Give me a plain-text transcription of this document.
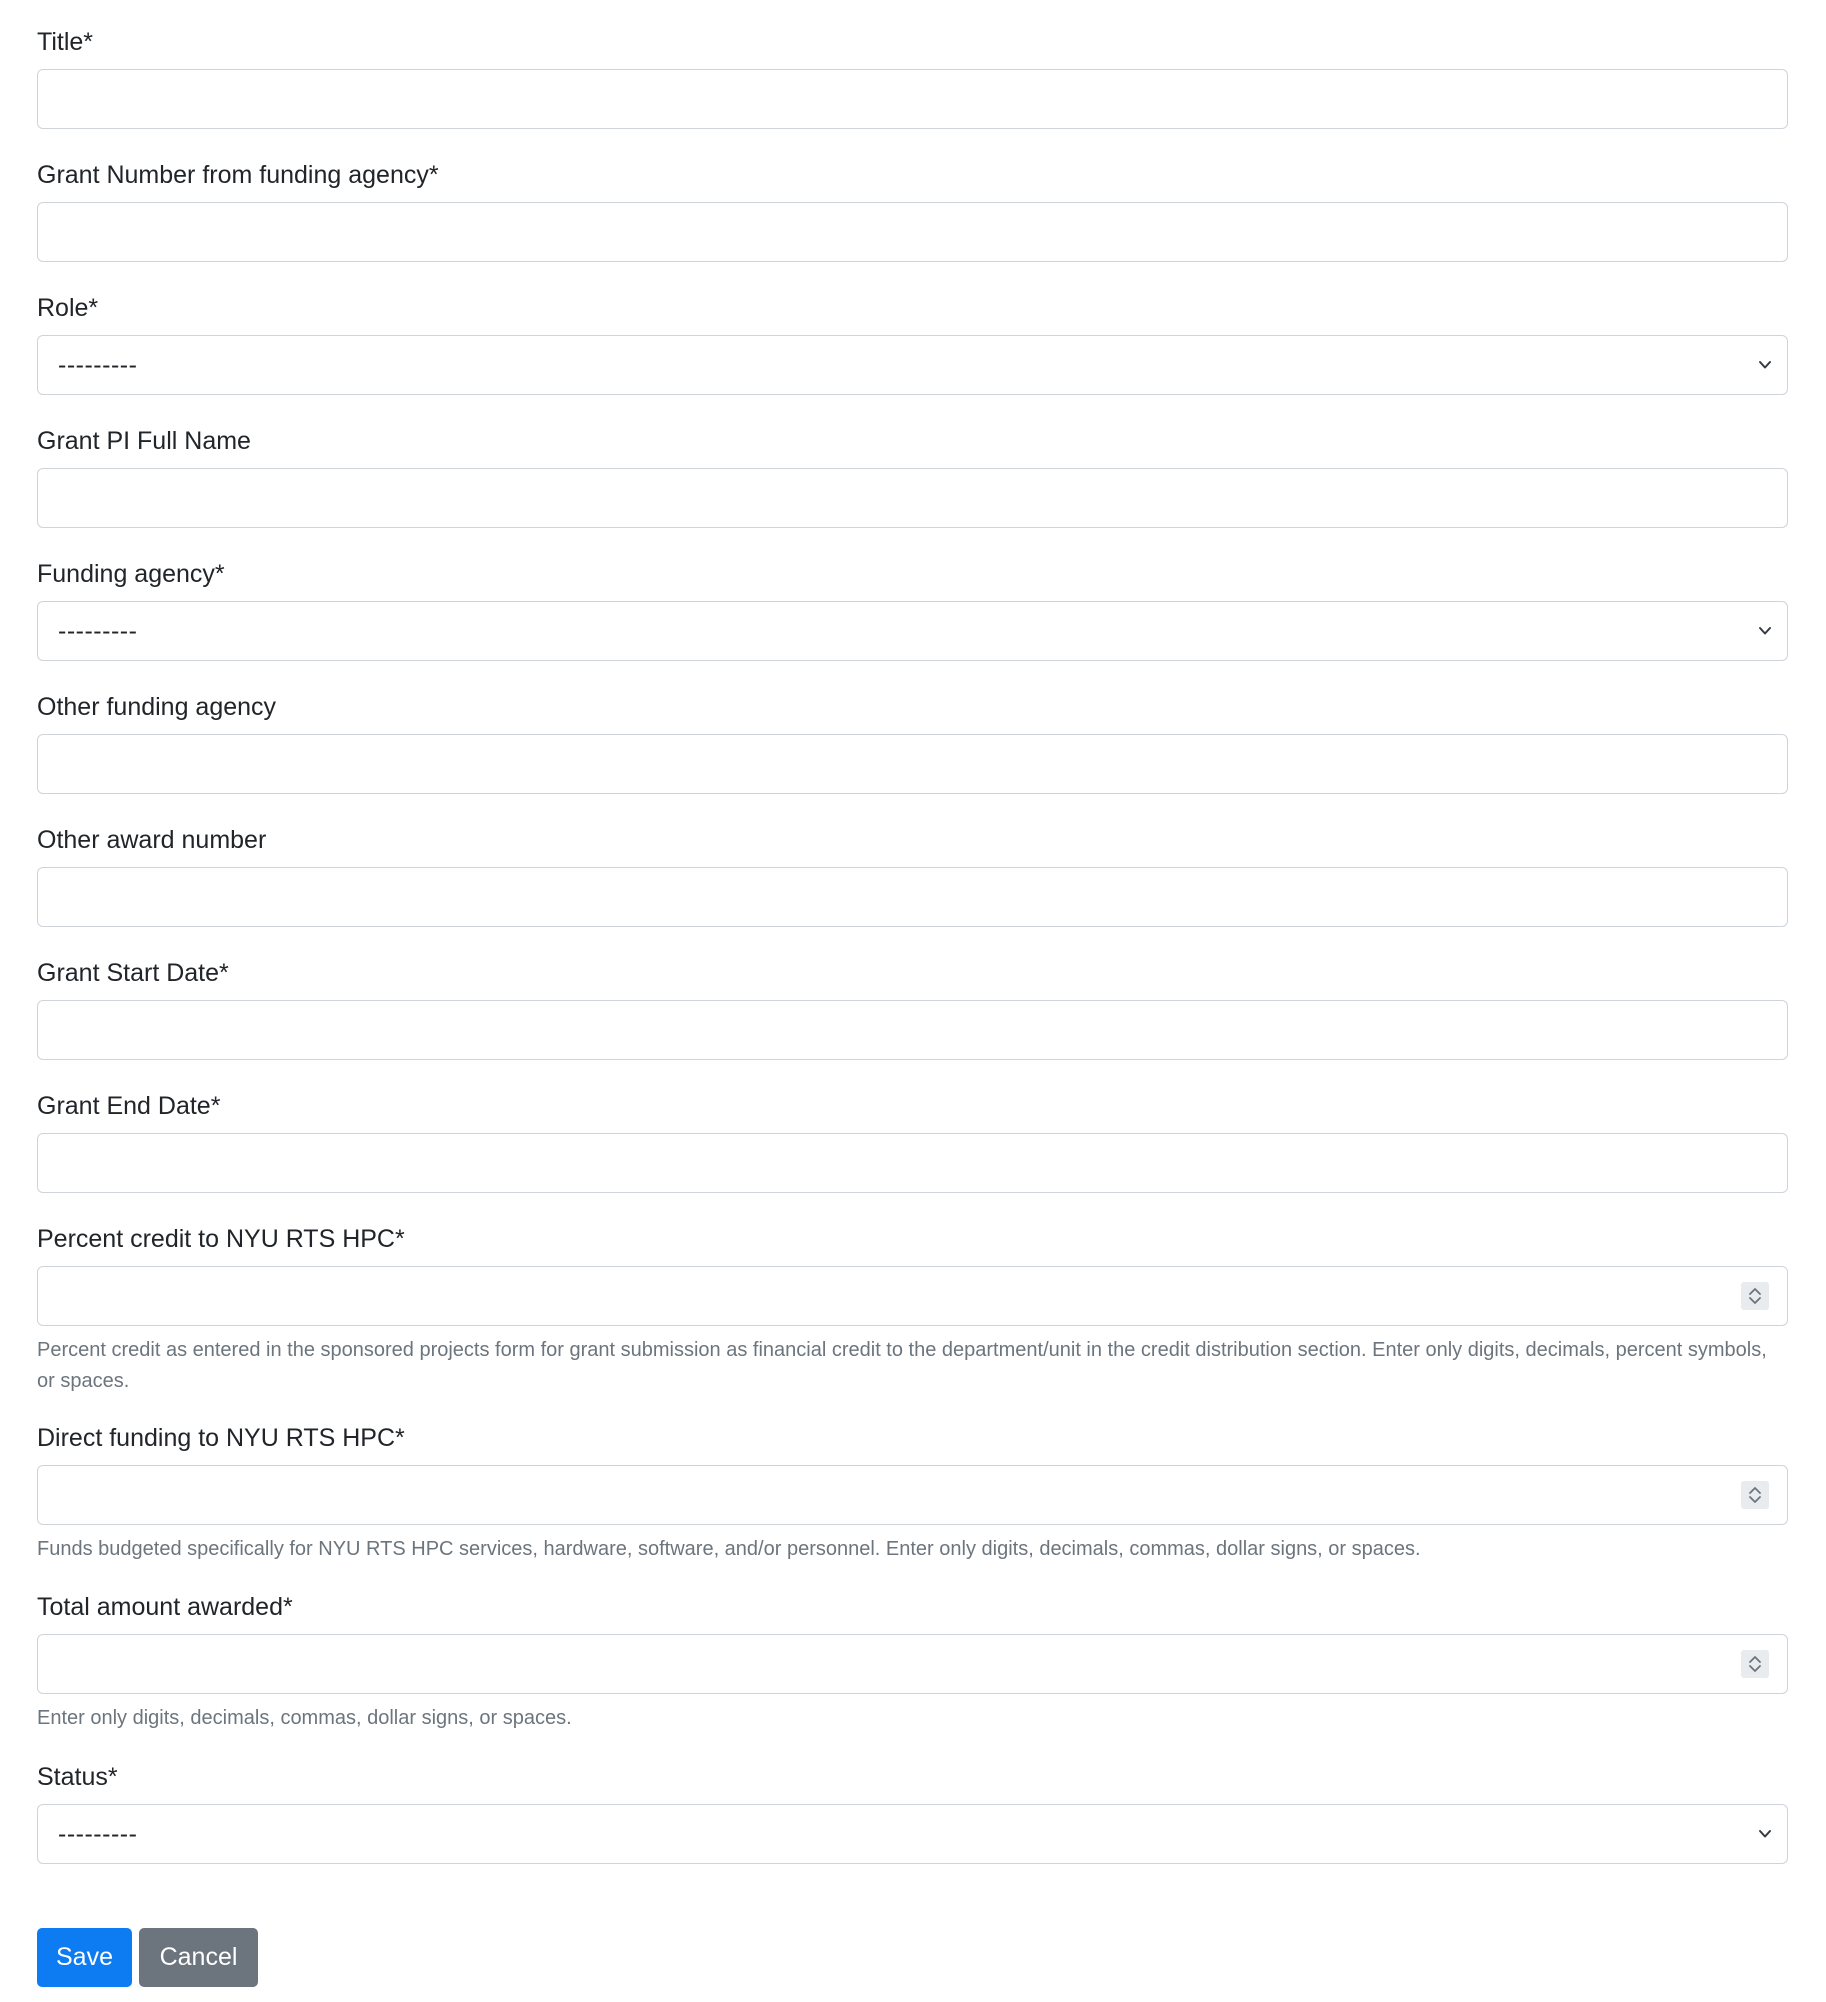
Title*
Grant Number from funding agency*
Role*
---------
Grant PI Full Name
Funding agency*
---------
Other funding agency
Other award number
Grant Start Date*
Grant End Date*
Percent credit to NYU RTS HPC*
Percent credit as entered in the sponsored projects form for grant submission as financial credit to the department/unit in the credit distribution section. Enter only digits, decimals, percent symbols, or spaces.
Direct funding to NYU RTS HPC*
Funds budgeted specifically for NYU RTS HPC services, hardware, software, and/or personnel. Enter only digits, decimals, commas, dollar signs, or spaces.
Total amount awarded*
Enter only digits, decimals, commas, dollar signs, or spaces.
Status*
---------
Save	Cancel
